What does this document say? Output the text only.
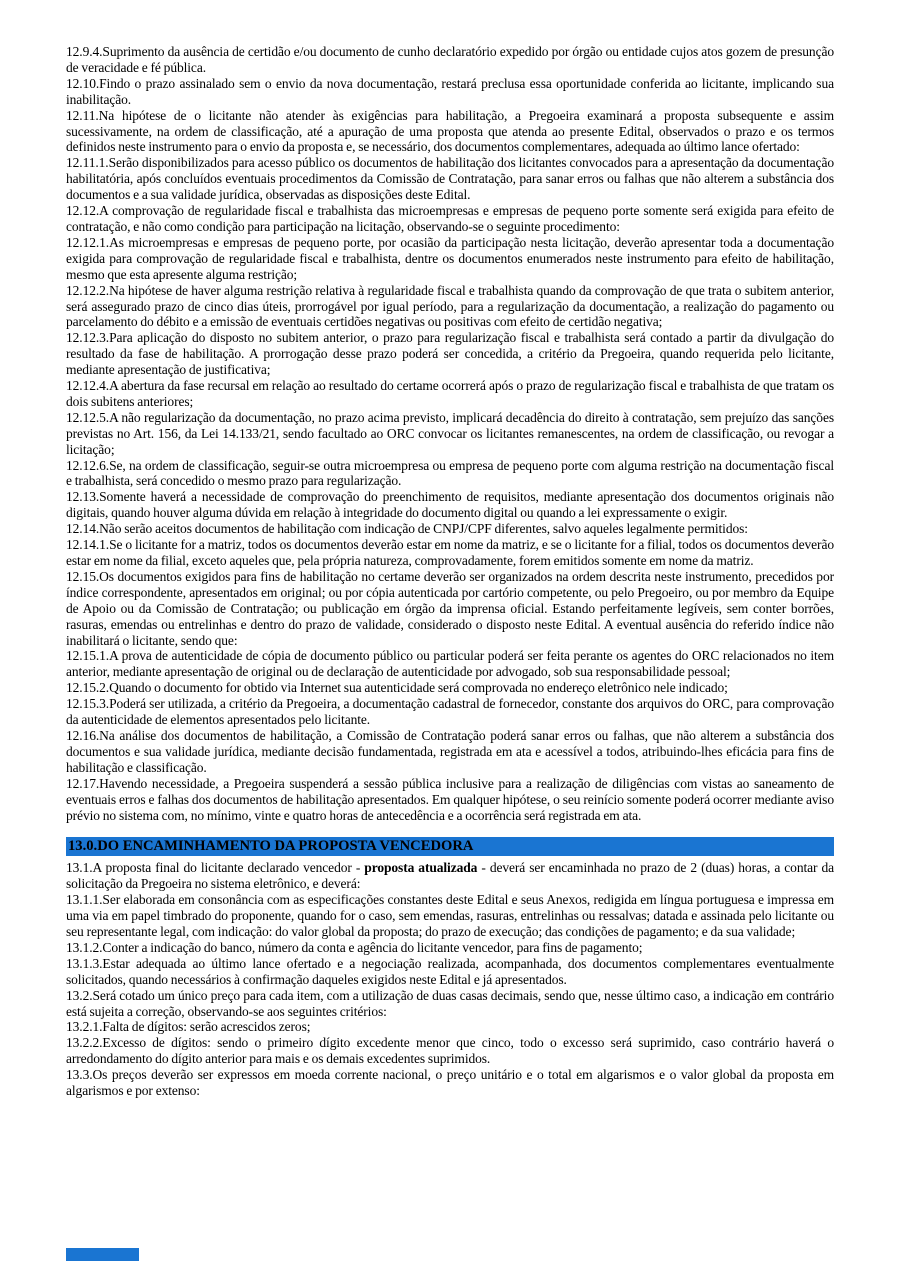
12.9.4.Suprimento da ausência de certidão e/ou documento de cunho declaratório expedido por órgão ou entidade cujos atos gozem de presunção de veracidade e fé pública.

12.10.Findo o prazo assinalado sem o envio da nova documentação, restará preclusa essa oportunidade conferida ao licitante, implicando sua inabilitação.

12.11.Na hipótese de o licitante não atender às exigências para habilitação, a Pregoeira examinará a proposta subsequente e assim sucessivamente, na ordem de classificação, até a apuração de uma proposta que atenda ao presente Edital, observados o prazo e os termos definidos neste instrumento para o envio da proposta e, se necessário, dos documentos complementares, adequada ao último lance ofertado:

12.11.1.Serão disponibilizados para acesso público os documentos de habilitação dos licitantes convocados para a apresentação da documentação habilitatória, após concluídos eventuais procedimentos da Comissão de Contratação, para sanar erros ou falhas que não alterem a substância dos documentos e a sua validade jurídica, observadas as disposições deste Edital.

12.12.A comprovação de regularidade fiscal e trabalhista das microempresas e empresas de pequeno porte somente será exigida para efeito de contratação, e não como condição para participação na licitação, observando-se o seguinte procedimento:

12.12.1.As microempresas e empresas de pequeno porte, por ocasião da participação nesta licitação, deverão apresentar toda a documentação exigida para comprovação de regularidade fiscal e trabalhista, dentre os documentos enumerados neste instrumento para efeito de habilitação, mesmo que esta apresente alguma restrição;

12.12.2.Na hipótese de haver alguma restrição relativa à regularidade fiscal e trabalhista quando da comprovação de que trata o subitem anterior, será assegurado prazo de cinco dias úteis, prorrogável por igual período, para a regularização da documentação, a realização do pagamento ou parcelamento do débito e a emissão de eventuais certidões negativas ou positivas com efeito de certidão negativa;

12.12.3.Para aplicação do disposto no subitem anterior, o prazo para regularização fiscal e trabalhista será contado a partir da divulgação do resultado da fase de habilitação. A prorrogação desse prazo poderá ser concedida, a critério da Pregoeira, quando requerida pelo licitante, mediante apresentação de justificativa;

12.12.4.A abertura da fase recursal em relação ao resultado do certame ocorrerá após o prazo de regularização fiscal e trabalhista de que tratam os dois subitens anteriores;

12.12.5.A não regularização da documentação, no prazo acima previsto, implicará decadência do direito à contratação, sem prejuízo das sanções previstas no Art. 156, da Lei 14.133/21, sendo facultado ao ORC convocar os licitantes remanescentes, na ordem de classificação, ou revogar a licitação;

12.12.6.Se, na ordem de classificação, seguir-se outra microempresa ou empresa de pequeno porte com alguma restrição na documentação fiscal e trabalhista, será concedido o mesmo prazo para regularização.

12.13.Somente haverá a necessidade de comprovação do preenchimento de requisitos, mediante apresentação dos documentos originais não digitais, quando houver alguma dúvida em relação à integridade do documento digital ou quando a lei expressamente o exigir.

12.14.Não serão aceitos documentos de habilitação com indicação de CNPJ/CPF diferentes, salvo aqueles legalmente permitidos:

12.14.1.Se o licitante for a matriz, todos os documentos deverão estar em nome da matriz, e se o licitante for a filial, todos os documentos deverão estar em nome da filial, exceto aqueles que, pela própria natureza, comprovadamente, forem emitidos somente em nome da matriz.

12.15.Os documentos exigidos para fins de habilitação no certame deverão ser organizados na ordem descrita neste instrumento, precedidos por índice correspondente, apresentados em original; ou por cópia autenticada por cartório competente, ou pelo Pregoeiro, ou por membro da Equipe de Apoio ou da Comissão de Contratação; ou publicação em órgão da imprensa oficial. Estando perfeitamente legíveis, sem conter borrões, rasuras, emendas ou entrelinhas e dentro do prazo de validade, considerado o disposto neste Edital. A eventual ausência do referido índice não inabilitará o licitante, sendo que:

12.15.1.A prova de autenticidade de cópia de documento público ou particular poderá ser feita perante os agentes do ORC relacionados no item anterior, mediante apresentação de original ou de declaração de autenticidade por advogado, sob sua responsabilidade pessoal;

12.15.2.Quando o documento for obtido via Internet sua autenticidade será comprovada no endereço eletrônico nele indicado;

12.15.3.Poderá ser utilizada, a critério da Pregoeira, a documentação cadastral de fornecedor, constante dos arquivos do ORC, para comprovação da autenticidade de elementos apresentados pelo licitante.

12.16.Na análise dos documentos de habilitação, a Comissão de Contratação poderá sanar erros ou falhas, que não alterem a substância dos documentos e sua validade jurídica, mediante decisão fundamentada, registrada em ata e acessível a todos, atribuindo-lhes eficácia para fins de habilitação e classificação.

12.17.Havendo necessidade, a Pregoeira suspenderá a sessão pública inclusive para a realização de diligências com vistas ao saneamento de eventuais erros e falhas dos documentos de habilitação apresentados. Em qualquer hipótese, o seu reinício somente poderá ocorrer mediante aviso prévio no sistema com, no mínimo, vinte e quatro horas de antecedência e a ocorrência será registrada em ata.

13.0.DO ENCAMINHAMENTO DA PROPOSTA VENCEDORA

13.1.A proposta final do licitante declarado vencedor - proposta atualizada - deverá ser encaminhada no prazo de 2 (duas) horas, a contar da solicitação da Pregoeira no sistema eletrônico, e deverá:

13.1.1.Ser elaborada em consonância com as especificações constantes deste Edital e seus Anexos, redigida em língua portuguesa e impressa em uma via em papel timbrado do proponente, quando for o caso, sem emendas, rasuras, entrelinhas ou ressalvas; datada e assinada pelo licitante ou seu representante legal, com indicação: do valor global da proposta; do prazo de execução; das condições de pagamento; e da sua validade;

13.1.2.Conter a indicação do banco, número da conta e agência do licitante vencedor, para fins de pagamento;

13.1.3.Estar adequada ao último lance ofertado e a negociação realizada, acompanhada, dos documentos complementares eventualmente solicitados, quando necessários à confirmação daqueles exigidos neste Edital e já apresentados.

13.2.Será cotado um único preço para cada item, com a utilização de duas casas decimais, sendo que, nesse último caso, a indicação em contrário está sujeita a correção, observando-se aos seguintes critérios:

13.2.1.Falta de dígitos: serão acrescidos zeros;

13.2.2.Excesso de dígitos: sendo o primeiro dígito excedente menor que cinco, todo o excesso será suprimido, caso contrário haverá o arredondamento do dígito anterior para mais e os demais excedentes suprimidos.

13.3.Os preços deverão ser expressos em moeda corrente nacional, o preço unitário e o total em algarismos e o valor global da proposta em algarismos e por extenso:
